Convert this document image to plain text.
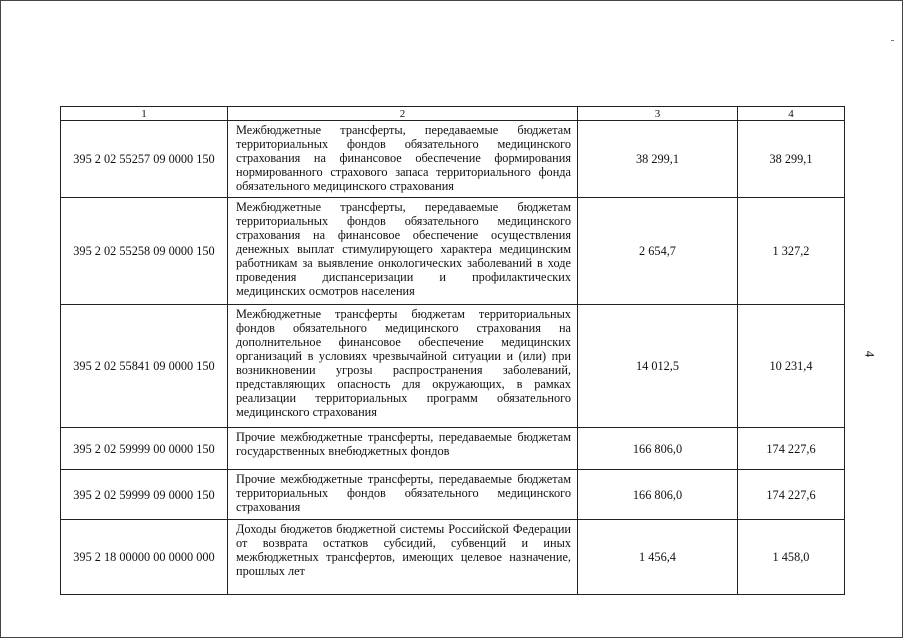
1	2	3	4
395 2 02 55257 09 0000 150	Межбюджетные трансферты, передаваемые бюджетам территориальных фондов обязательного медицинского страхования на финансовое обеспечение формирования нормированного страхового запаса территориального фонда обязательного медицинского страхования	38 299,1	38 299,1
395 2 02 55258 09 0000 150	Межбюджетные трансферты, передаваемые бюджетам территориальных фондов обязательного медицинского страхования на финансовое обеспечение осуществления денежных выплат стимулирующего характера медицинским работникам за выявление онкологических заболеваний в ходе проведения диспансеризации и профилактических медицинских осмотров населения	2 654,7	1 327,2
395 2 02 55841 09 0000 150	Межбюджетные трансферты бюджетам территориальных фондов обязательного медицинского страхования на дополнительное финансовое обеспечение медицинских организаций в условиях чрезвычайной ситуации и (или) при возникновении угрозы распространения заболеваний, представляющих опасность для окружающих, в рамках реализации территориальных программ обязательного медицинского страхования	14 012,5	10 231,4
395 2 02 59999 00 0000 150	Прочие межбюджетные трансферты, передаваемые бюджетам государственных внебюджетных фондов	166 806,0	174 227,6
395 2 02 59999 09 0000 150	Прочие межбюджетные трансферты, передаваемые бюджетам территориальных фондов обязательного медицинского страхования	166 806,0	174 227,6
395 2 18 00000 00 0000 000	Доходы бюджетов бюджетной системы Российской Федерации от возврата остатков субсидий, субвенций и иных межбюджетных трансфертов, имеющих целевое назначение, прошлых лет	1 456,4	1 458,0
4
